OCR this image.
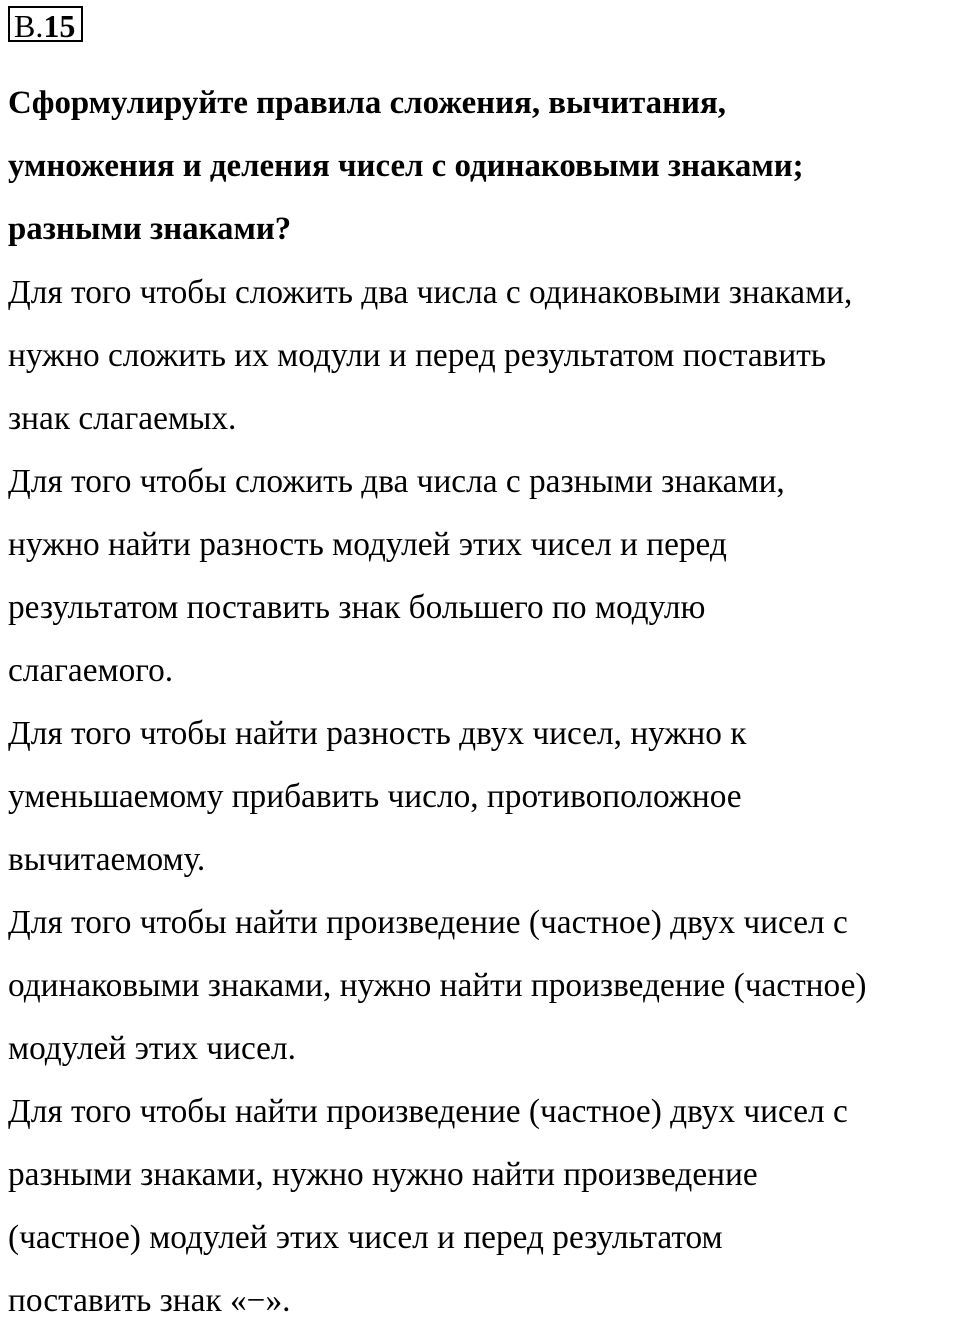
В.15
Сформулируйте правила сложения, вычитания,
умножения и деления чисел с одинаковыми знаками;
разными знаками?
Для того чтобы сложить два числа с одинаковыми знаками,
нужно сложить их модули и перед результатом поставить
знак слагаемых.
Для того чтобы сложить два числа с разными знаками,
нужно найти разность модулей этих чисел и перед
результатом поставить знак большего по модулю
слагаемого.
Для того чтобы найти разность двух чисел, нужно к
уменьшаемому прибавить число, противоположное
вычитаемому.
Для того чтобы найти произведение (частное) двух чисел с
одинаковыми знаками, нужно найти произведение (частное)
модулей этих чисел.
Для того чтобы найти произведение (частное) двух чисел с
разными знаками, нужно нужно найти произведение
(частное) модулей этих чисел и перед результатом
поставить знак «−».
